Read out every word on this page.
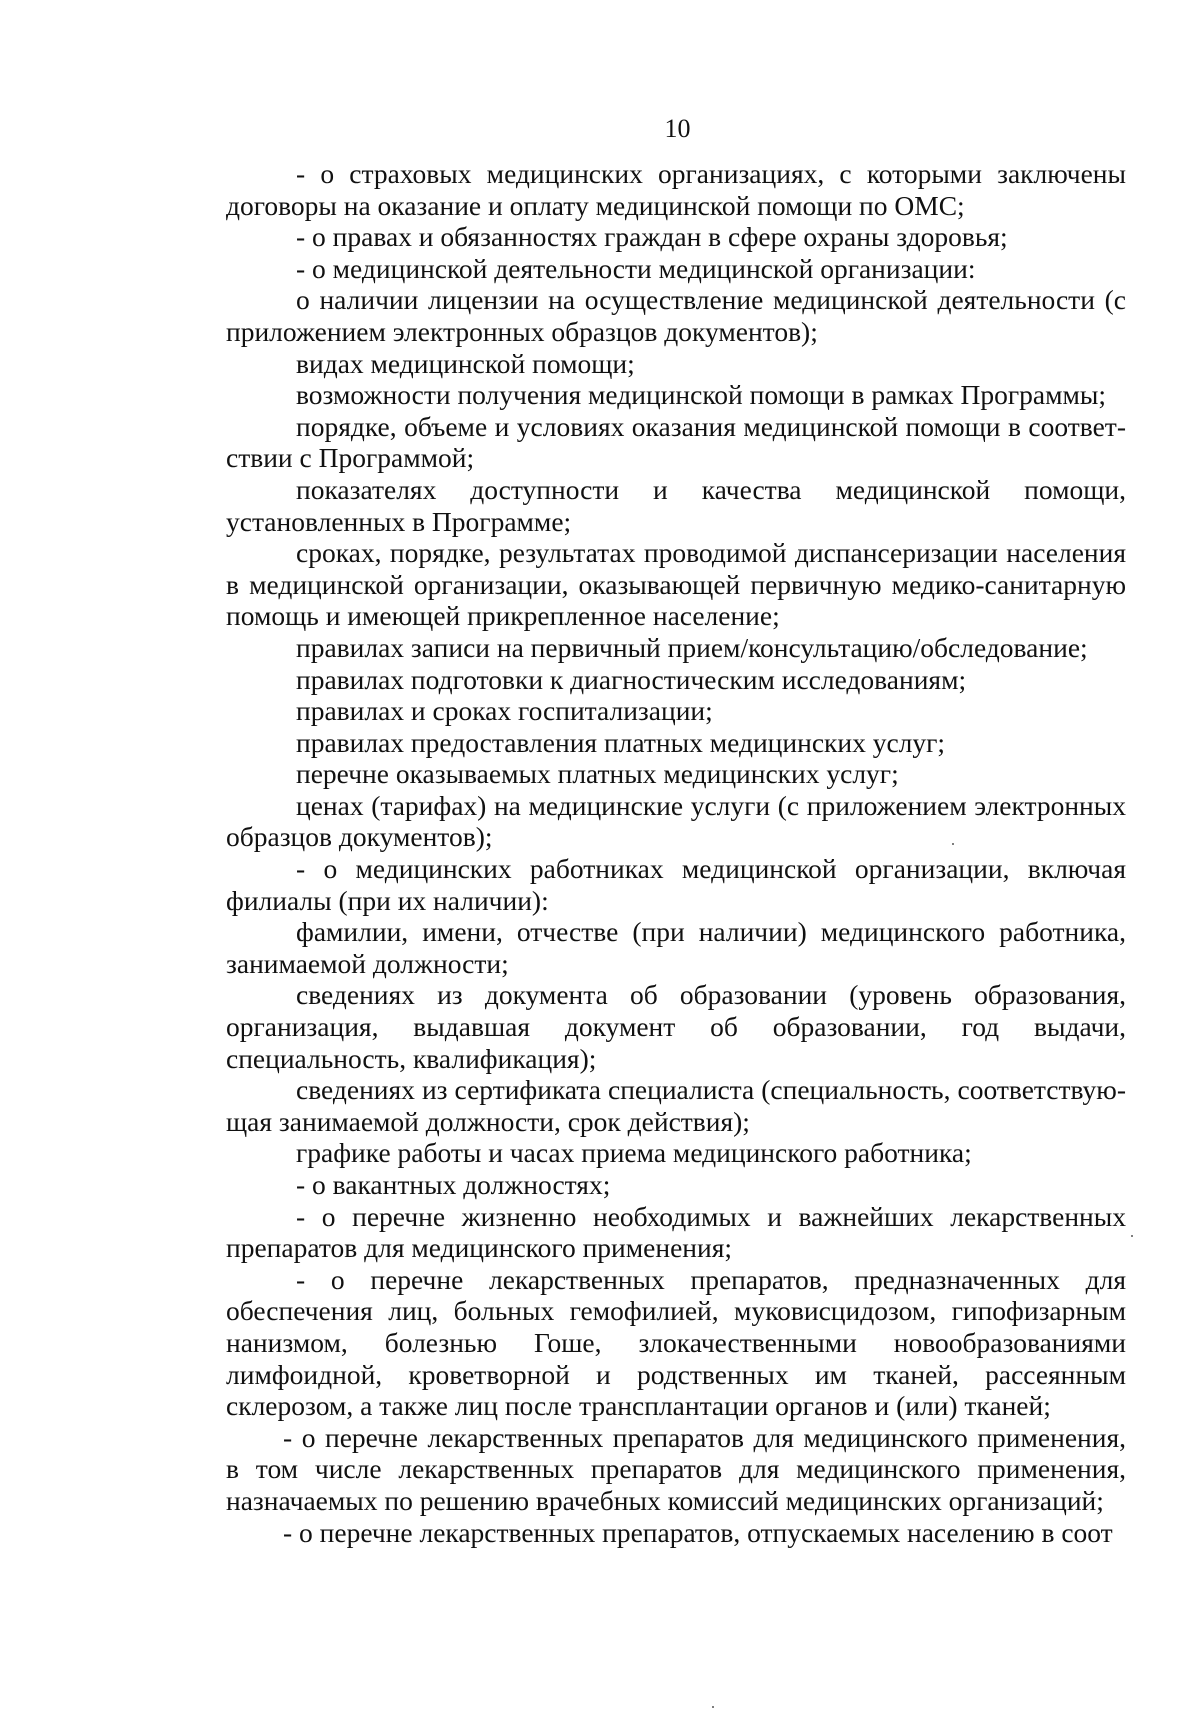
10

- о страховых медицинских организациях, с которыми заключены договоры на оказание и оплату медицинской помощи по ОМС;

- о правах и обязанностях граждан в сфере охраны здоровья;

- о медицинской деятельности медицинской организации:

о наличии лицензии на осуществление медицинской деятельности (с приложением электронных образцов документов);

видах медицинской помощи;

возможности получения медицинской помощи в рамках Программы;

порядке, объеме и условиях оказания медицинской помощи в соответствии с Программой;

показателях доступности и качества медицинской помощи, установленных в Программе;

сроках, порядке, результатах проводимой диспансеризации населения в медицинской организации, оказывающей первичную медико-санитарную помощь и имеющей прикрепленное население;

правилах записи на первичный прием/консультацию/обследование;

правилах подготовки к диагностическим исследованиям;

правилах и сроках госпитализации;

правилах предоставления платных медицинских услуг;

перечне оказываемых платных медицинских услуг;

ценах (тарифах) на медицинские услуги (с приложением электронных образцов документов);

- о медицинских работниках медицинской организации, включая филиалы (при их наличии):

фамилии, имени, отчестве (при наличии) медицинского работника, занимаемой должности;

сведениях из документа об образовании (уровень образования, организация, выдавшая документ об образовании, год выдачи, специальность, квалификация);

сведениях из сертификата специалиста (специальность, соответствующая занимаемой должности, срок действия);

графике работы и часах приема медицинского работника;

- о вакантных должностях;

- о перечне жизненно необходимых и важнейших лекарственных препаратов для медицинского применения;

- о перечне лекарственных препаратов, предназначенных для обеспечения лиц, больных гемофилией, муковисцидозом, гипофизарным нанизмом, болезнью Гоше, злокачественными новообразованиями лимфоидной, кроветворной и родственных им тканей, рассеянным склерозом, а также лиц после трансплантации органов и (или) тканей;

- о перечне лекарственных препаратов для медицинского применения, в том числе лекарственных препаратов для медицинского применения, назначаемых по решению врачебных комиссий медицинских организаций;

- о перечне лекарственных препаратов, отпускаемых населению в соот
